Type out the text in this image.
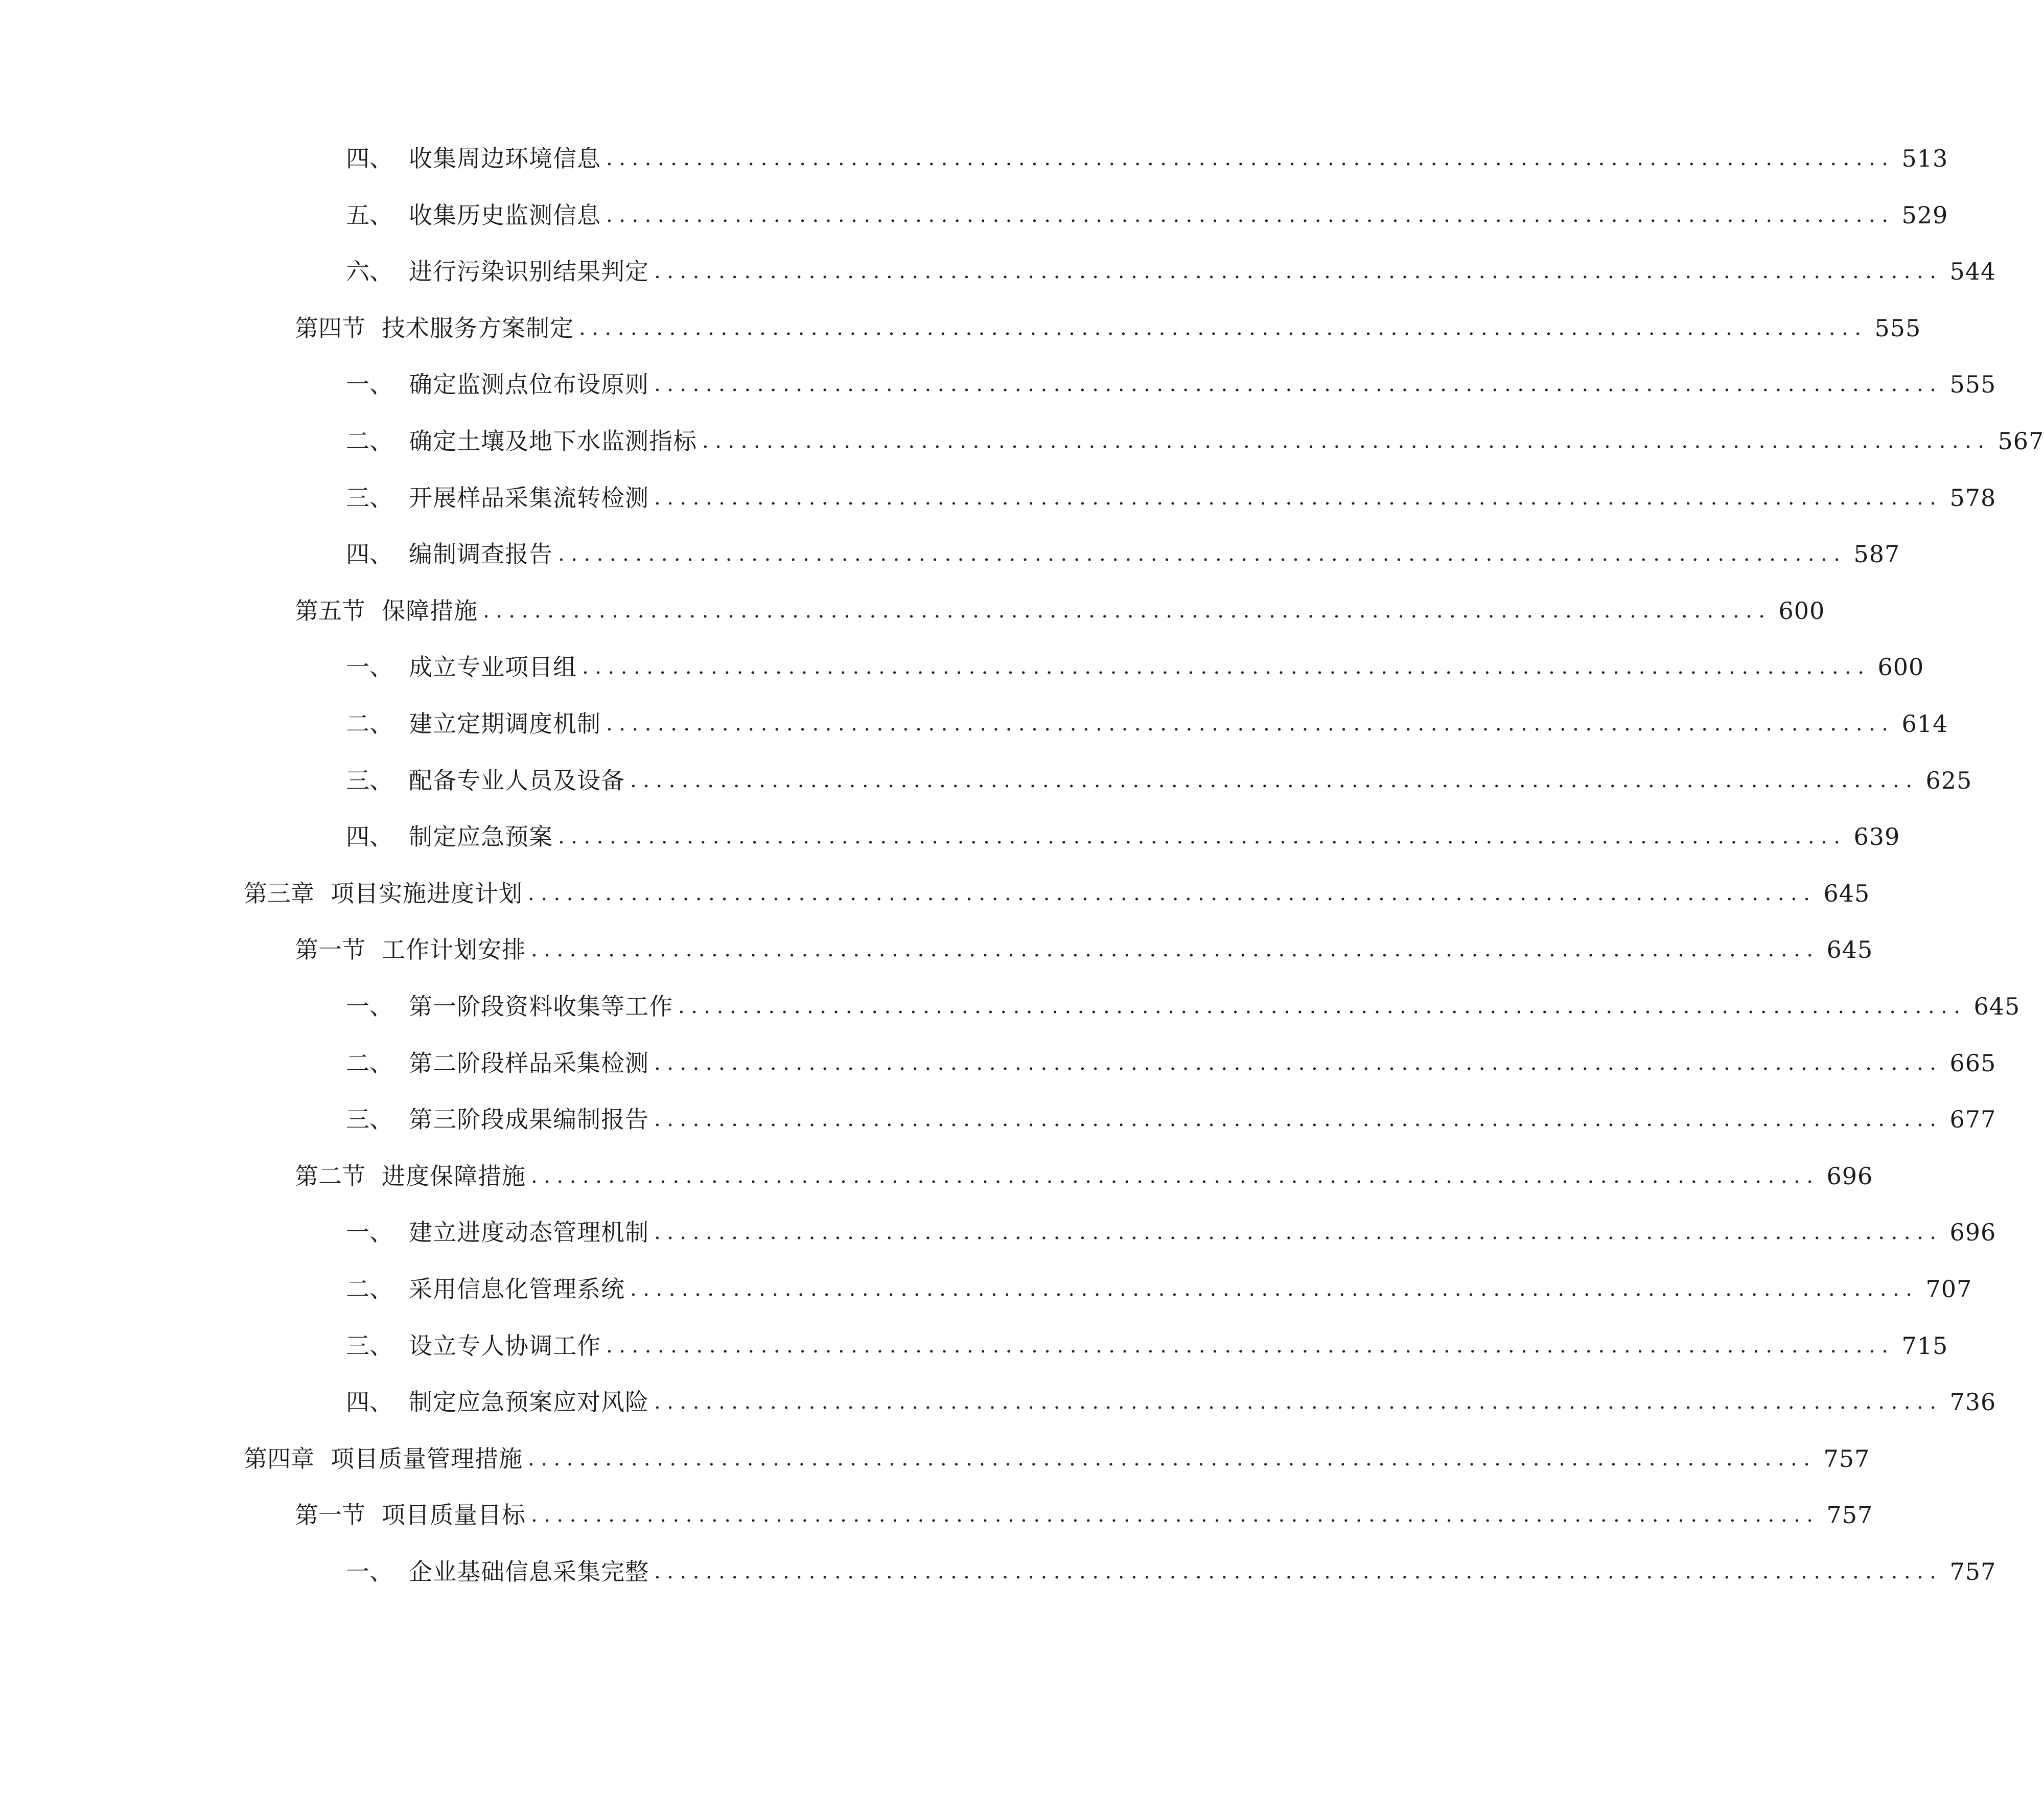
四、 收集周边环境信息 .................................................................................................... 513
五、 收集历史监测信息 .................................................................................................... 529
六、 进行污染识别结果判定 .................................................................................................... 544
第四节 技术服务方案制定 .................................................................................................... 555
一、 确定监测点位布设原则 .................................................................................................... 555
二、 确定土壤及地下水监测指标 .................................................................................................... 567
三、 开展样品采集流转检测 .................................................................................................... 578
四、 编制调查报告 .................................................................................................... 587
第五节 保障措施 .................................................................................................... 600
一、 成立专业项目组 .................................................................................................... 600
二、 建立定期调度机制 .................................................................................................... 614
三、 配备专业人员及设备 .................................................................................................... 625
四、 制定应急预案 .................................................................................................... 639
第三章 项目实施进度计划 .................................................................................................... 645
第一节 工作计划安排 .................................................................................................... 645
一、 第一阶段资料收集等工作 .................................................................................................... 645
二、 第二阶段样品采集检测 .................................................................................................... 665
三、 第三阶段成果编制报告 .................................................................................................... 677
第二节 进度保障措施 .................................................................................................... 696
一、 建立进度动态管理机制 .................................................................................................... 696
二、 采用信息化管理系统 .................................................................................................... 707
三、 设立专人协调工作 .................................................................................................... 715
四、 制定应急预案应对风险 .................................................................................................... 736
第四章 项目质量管理措施 .................................................................................................... 757
第一节 项目质量目标 .................................................................................................... 757
一、 企业基础信息采集完整 .................................................................................................... 757
